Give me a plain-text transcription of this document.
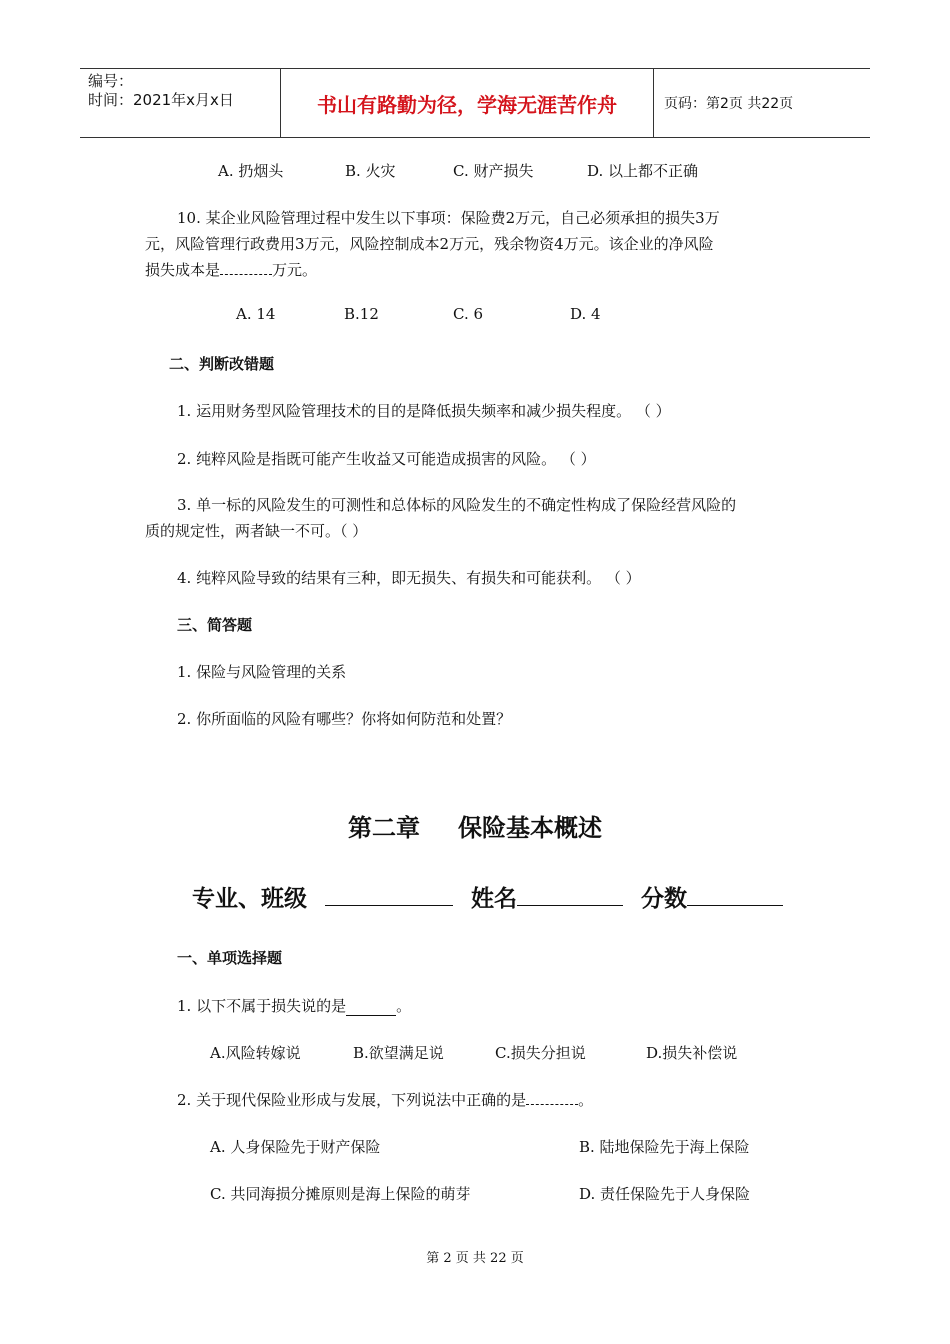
编号：
时间：2021年x月x日	书山有路勤为径，学海无涯苦作舟	页码：第2页 共22页
A. 扔烟头	B. 火灾	C. 财产损失	D. 以上都不正确
10. 某企业风险管理过程中发生以下事项：保险费2万元，自己必须承担的损失3万
元，风险管理行政费用3万元，风险控制成本2万元，残余物资4万元。该企业的净风险
损失成本是	万元。
A. 14	B.12	C. 6	D. 4
二、判断改错题
1. 运用财务型风险管理技术的目的是降低损失频率和减少损失程度。 （ ）
2. 纯粹风险是指既可能产生收益又可能造成损害的风险。 （ ）
3. 单一标的风险发生的可测性和总体标的风险发生的不确定性构成了保险经营风险的
质的规定性，两者缺一不可。（ ）
4. 纯粹风险导致的结果有三种，即无损失、有损失和可能获利。 （ ）
三、简答题
1. 保险与风险管理的关系
2. 你所面临的风险有哪些？你将如何防范和处置？
第二章 保险基本概述
专业、班级	姓名	分数
一、单项选择题
1. 以下不属于损失说的是	。
A.风险转嫁说	B.欲望满足说	C.损失分担说	D.损失补偿说
2. 关于现代保险业形成与发展，下列说法中正确的是	。
A. 人身保险先于财产保险	B. 陆地保险先于海上保险
C. 共同海损分摊原则是海上保险的萌芽	D. 责任保险先于人身保险
第 2 页 共 22 页
